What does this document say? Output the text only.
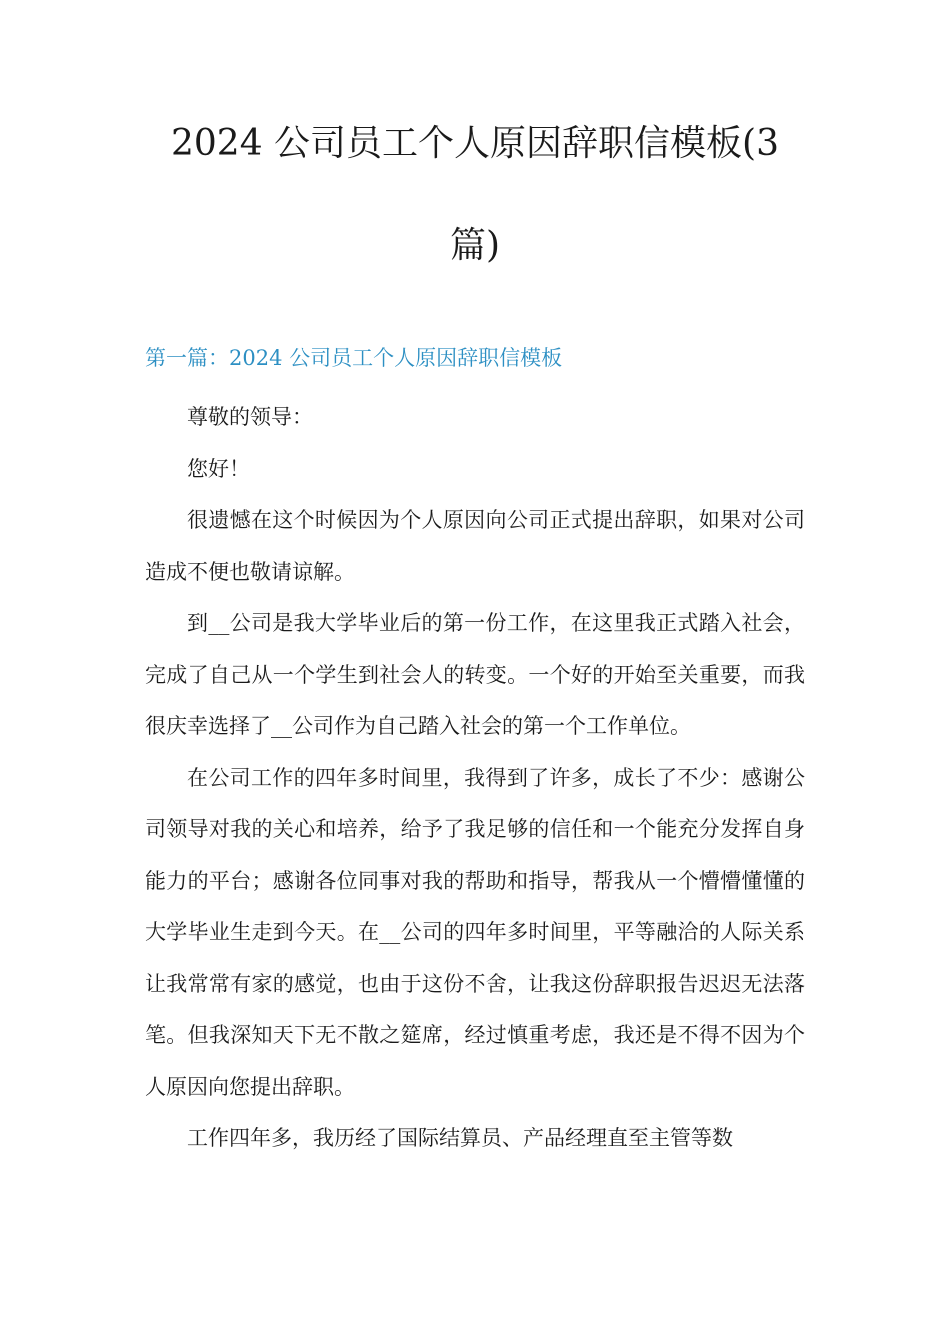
2024 公司员工个人原因辞职信模板(3
篇)
第一篇：2024 公司员工个人原因辞职信模板

尊敬的领导：

您好！

很遗憾在这个时候因为个人原因向公司正式提出辞职，如果对公司造成不便也敬请谅解。

到__公司是我大学毕业后的第一份工作，在这里我正式踏入社会，完成了自己从一个学生到社会人的转变。一个好的开始至关重要，而我很庆幸选择了__公司作为自己踏入社会的第一个工作单位。

在公司工作的四年多时间里，我得到了许多，成长了不少：感谢公司领导对我的关心和培养，给予了我足够的信任和一个能充分发挥自身能力的平台；感谢各位同事对我的帮助和指导，帮我从一个懵懵懂懂的大学毕业生走到今天。在__公司的四年多时间里，平等融洽的人际关系让我常常有家的感觉，也由于这份不舍，让我这份辞职报告迟迟无法落笔。但我深知天下无不散之筵席，经过慎重考虑，我还是不得不因为个人原因向您提出辞职。

工作四年多，我历经了国际结算员、产品经理直至主管等数
